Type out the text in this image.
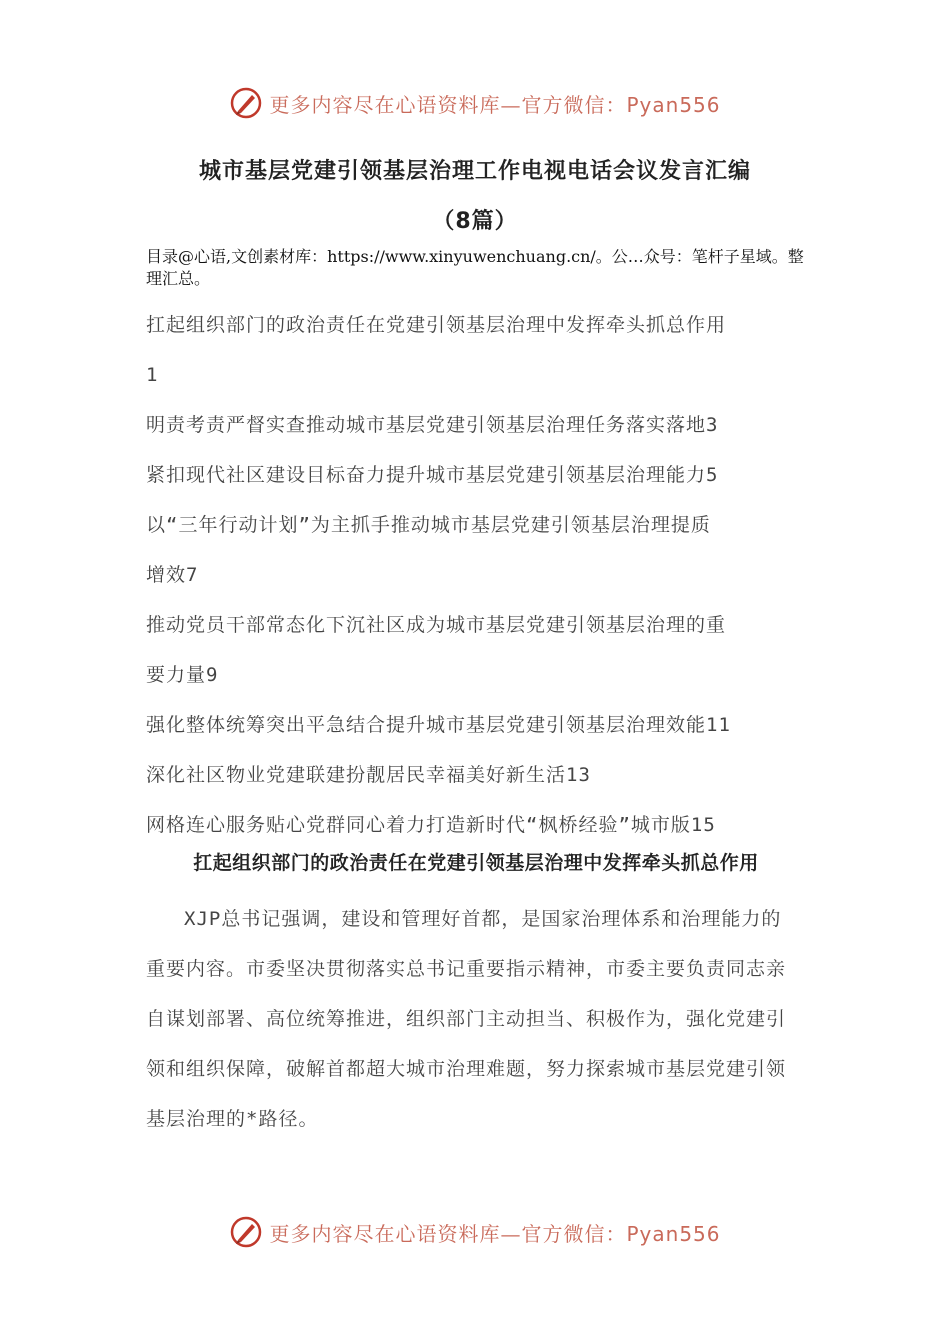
更多内容尽在心语资料库—官方微信：Pyan556
城市基层党建引领基层治理工作电视电话会议发言汇编
（8篇）
目录@心语,文创素材库：https://www.xinyuwenchuang.cn/。公…众号：笔杆子星域。整理汇总。
扛起组织部门的政治责任在党建引领基层治理中发挥牵头抓总作用
1
明责考责严督实查推动城市基层党建引领基层治理任务落实落地3
紧扣现代社区建设目标奋力提升城市基层党建引领基层治理能力5
以“三年行动计划”为主抓手推动城市基层党建引领基层治理提质
增效7
推动党员干部常态化下沉社区成为城市基层党建引领基层治理的重
要力量9
强化整体统筹突出平急结合提升城市基层党建引领基层治理效能11
深化社区物业党建联建扮靓居民幸福美好新生活13
网格连心服务贴心党群同心着力打造新时代“枫桥经验”城市版15
扛起组织部门的政治责任在党建引领基层治理中发挥牵头抓总作用

XJP总书记强调，建设和管理好首都，是国家治理体系和治理能力的重要内容。市委坚决贯彻落实总书记重要指示精神，市委主要负责同志亲自谋划部署、高位统筹推进，组织部门主动担当、积极作为，强化党建引领和组织保障，破解首都超大城市治理难题，努力探索城市基层党建引领基层治理的*路径。

更多内容尽在心语资料库—官方微信：Pyan556
